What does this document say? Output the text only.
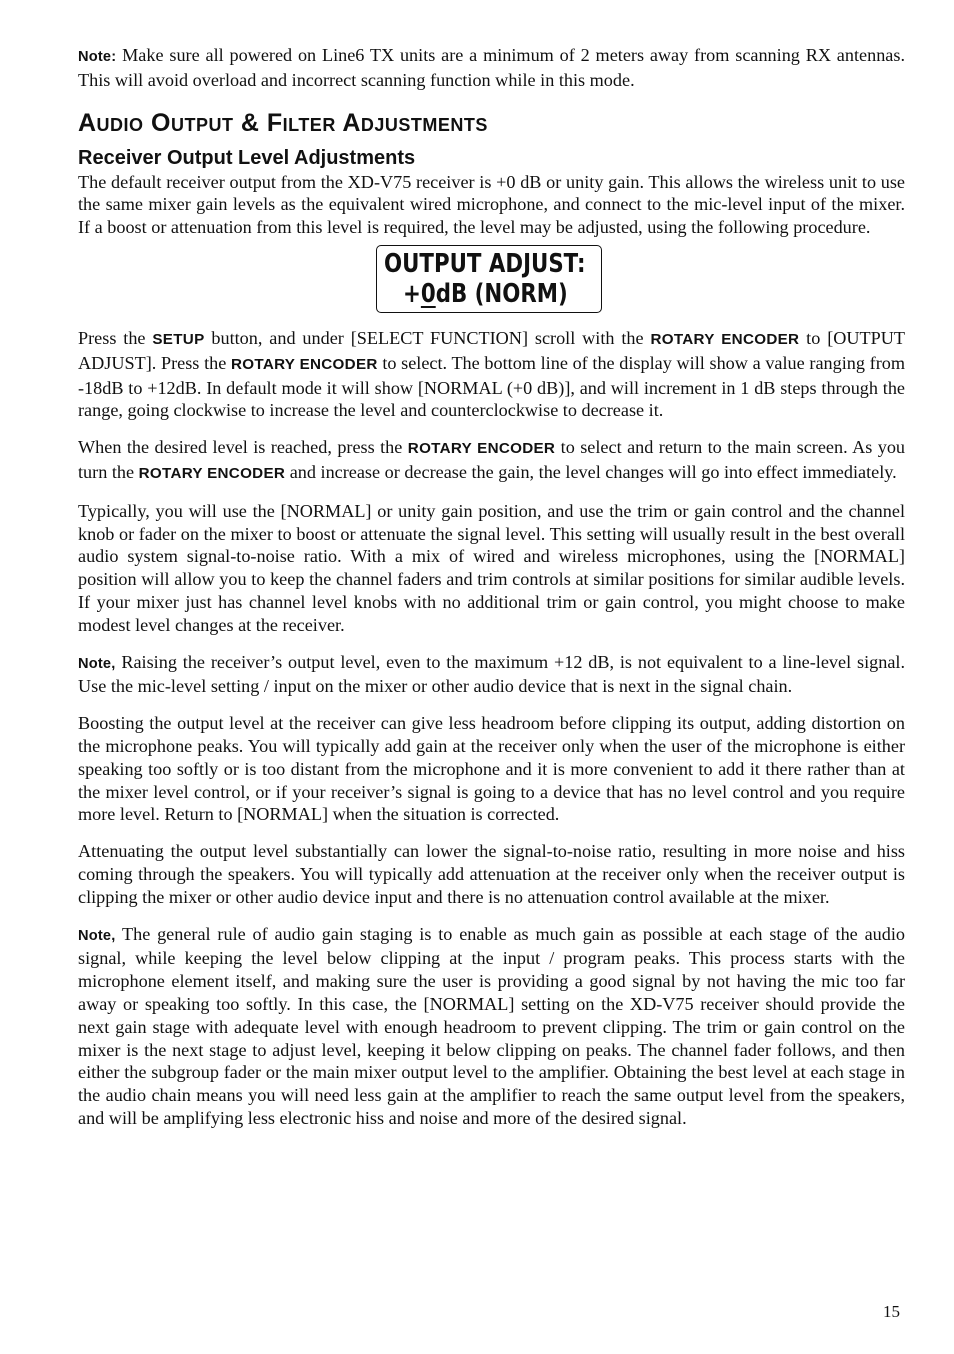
Note: Make sure all powered on Line6 TX units are a minimum of 2 meters away from scanning RX antennas. This will avoid overload and incorrect scanning function while in this mode.

Audio Output & Filter Adjustments
Receiver Output Level Adjustments

The default receiver output from the XD-V75 receiver is +0 dB or unity gain. This allows the wireless unit to use the same mixer gain levels as the equivalent wired microphone, and connect to the mic-level input of the mixer. If a boost or attenuation from this level is required, the level may be adjusted, using the following procedure.

OUTPUT ADJUST:
+0dB (NORM)

Press the SETUP button, and under [SELECT FUNCTION] scroll with the ROTARY ENCODER to [OUTPUT ADJUST]. Press the ROTARY ENCODER to select. The bottom line of the display will show a value ranging from -18dB to +12dB. In default mode it will show [NORMAL (+0 dB)], and will increment in 1 dB steps through the range, going clockwise to increase the level and counterclockwise to decrease it.

When the desired level is reached, press the ROTARY ENCODER to select and return to the main screen. As you turn the ROTARY ENCODER and increase or decrease the gain, the level changes will go into effect immediately.

Typically, you will use the [NORMAL] or unity gain position, and use the trim or gain control and the channel knob or fader on the mixer to boost or attenuate the signal level. This setting will usually result in the best overall audio system signal-to-noise ratio. With a mix of wired and wireless microphones, using the [NORMAL] position will allow you to keep the channel faders and trim controls at similar positions for similar audible levels. If your mixer just has channel level knobs with no additional trim or gain control, you might choose to make modest level changes at the receiver.

Note, Raising the receiver’s output level, even to the maximum +12 dB, is not equivalent to a line-level signal. Use the mic-level setting / input on the mixer or other audio device that is next in the signal chain.

Boosting the output level at the receiver can give less headroom before clipping its output, adding distortion on the microphone peaks. You will typically add gain at the receiver only when the user of the microphone is either speaking too softly or is too distant from the microphone and it is more convenient to add it there rather than at the mixer level control, or if your receiver’s signal is going to a device that has no level control and you require more level. Return to [NORMAL] when the situation is corrected.

Attenuating the output level substantially can lower the signal-to-noise ratio, resulting in more noise and hiss coming through the speakers. You will typically add attenuation at the receiver only when the receiver output is clipping the mixer or other audio device input and there is no attenuation control available at the mixer.

Note, The general rule of audio gain staging is to enable as much gain as possible at each stage of the audio signal, while keeping the level below clipping at the input / program peaks. This process starts with the microphone element itself, and making sure the user is providing a good signal by not having the mic too far away or speaking too softly. In this case, the [NORMAL] setting on the XD-V75 receiver should provide the next gain stage with adequate level with enough headroom to prevent clipping. The trim or gain control on the mixer is the next stage to adjust level, keeping it below clipping on peaks. The channel fader follows, and then either the subgroup fader or the main mixer output level to the amplifier. Obtaining the best level at each stage in the audio chain means you will need less gain at the amplifier to reach the same output level from the speakers, and will be amplifying less electronic hiss and noise and more of the desired signal.

15
